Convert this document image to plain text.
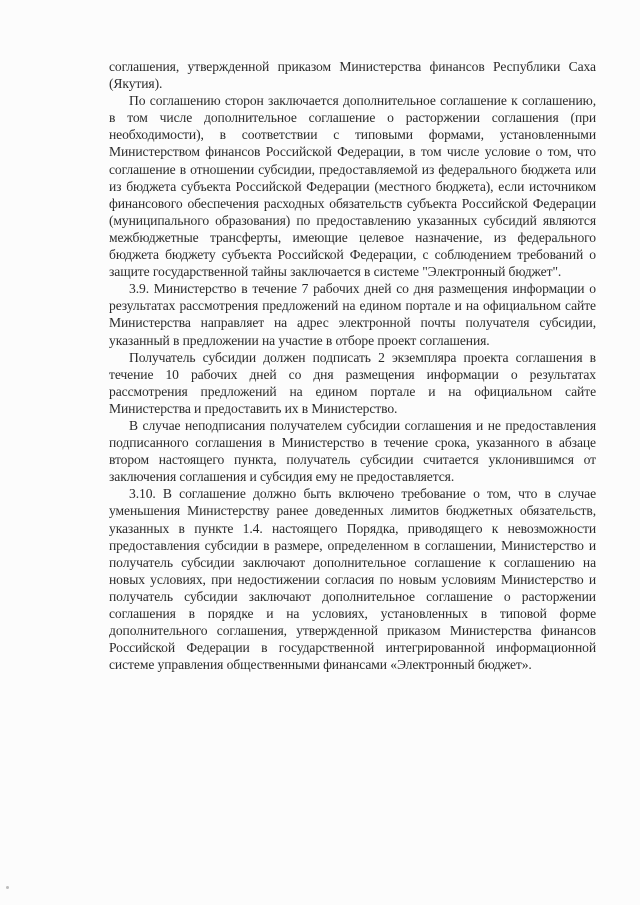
соглашения, утвержденной приказом Министерства финансов Республики Саха (Якутия).

По соглашению сторон заключается дополнительное соглашение к соглашению, в том числе дополнительное соглашение о расторжении соглашения (при необходимости), в соответствии с типовыми формами, установленными Министерством финансов Российской Федерации, в том числе условие о том, что соглашение в отношении субсидии, предоставляемой из федерального бюджета или из бюджета субъекта Российской Федерации (местного бюджета), если источником финансового обеспечения расходных обязательств субъекта Российской Федерации (муниципального образования) по предоставлению указанных субсидий являются межбюджетные трансферты, имеющие целевое назначение, из федерального бюджета бюджету субъекта Российской Федерации, с соблюдением требований о защите государственной тайны заключается в системе "Электронный бюджет".

3.9. Министерство в течение 7 рабочих дней со дня размещения информации о результатах рассмотрения предложений на едином портале и на официальном сайте Министерства направляет на адрес электронной почты получателя субсидии, указанный в предложении на участие в отборе проект соглашения.

Получатель субсидии должен подписать 2 экземпляра проекта соглашения в течение 10 рабочих дней со дня размещения информации о результатах рассмотрения предложений на едином портале и на официальном сайте Министерства и предоставить их в Министерство.

В случае неподписания получателем субсидии соглашения и не предоставления подписанного соглашения в Министерство в течение срока, указанного в абзаце втором настоящего пункта, получатель субсидии считается уклонившимся от заключения соглашения и субсидия ему не предоставляется.

3.10. В соглашение должно быть включено требование о том, что в случае уменьшения Министерству ранее доведенных лимитов бюджетных обязательств, указанных в пункте 1.4. настоящего Порядка, приводящего к невозможности предоставления субсидии в размере, определенном в соглашении, Министерство и получатель субсидии заключают дополнительное соглашение к соглашению на новых условиях, при недостижении согласия по новым условиям Министерство и получатель субсидии заключают дополнительное соглашение о расторжении соглашения в порядке и на условиях, установленных в типовой форме дополнительного соглашения, утвержденной приказом Министерства финансов Российской Федерации в государственной интегрированной информационной системе управления общественными финансами «Электронный бюджет».
